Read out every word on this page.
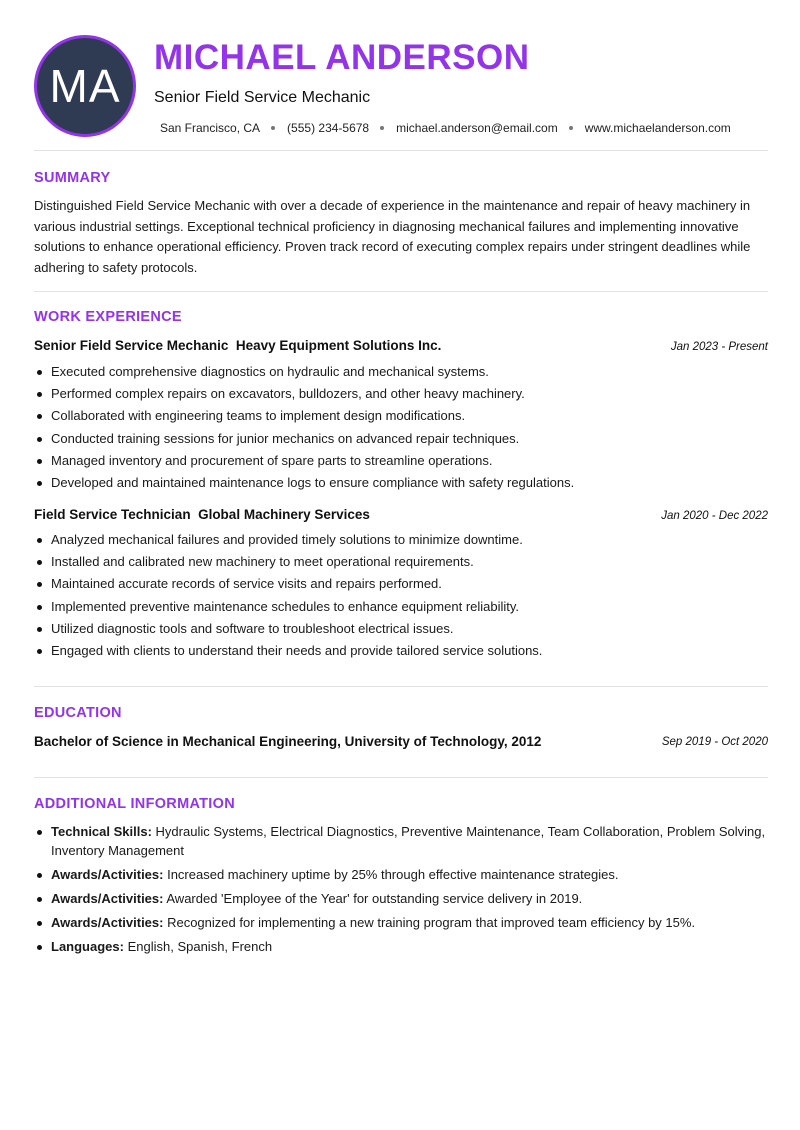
MA
MICHAEL ANDERSON
Senior Field Service Mechanic
San Francisco, CA (555) 234-5678 michael.anderson@email.com www.michaelanderson.com
SUMMARY
Distinguished Field Service Mechanic with over a decade of experience in the maintenance and repair of heavy machinery in various industrial settings. Exceptional technical proficiency in diagnosing mechanical failures and implementing innovative solutions to enhance operational efficiency. Proven track record of executing complex repairs under stringent deadlines while adhering to safety protocols.
WORK EXPERIENCE
Senior Field Service Mechanic  Heavy Equipment Solutions Inc.	Jan 2023 - Present
Executed comprehensive diagnostics on hydraulic and mechanical systems.
Performed complex repairs on excavators, bulldozers, and other heavy machinery.
Collaborated with engineering teams to implement design modifications.
Conducted training sessions for junior mechanics on advanced repair techniques.
Managed inventory and procurement of spare parts to streamline operations.
Developed and maintained maintenance logs to ensure compliance with safety regulations.
Field Service Technician  Global Machinery Services	Jan 2020 - Dec 2022
Analyzed mechanical failures and provided timely solutions to minimize downtime.
Installed and calibrated new machinery to meet operational requirements.
Maintained accurate records of service visits and repairs performed.
Implemented preventive maintenance schedules to enhance equipment reliability.
Utilized diagnostic tools and software to troubleshoot electrical issues.
Engaged with clients to understand their needs and provide tailored service solutions.
EDUCATION
Bachelor of Science in Mechanical Engineering, University of Technology, 2012	Sep 2019 - Oct 2020
ADDITIONAL INFORMATION
Technical Skills: Hydraulic Systems, Electrical Diagnostics, Preventive Maintenance, Team Collaboration, Problem Solving, Inventory Management
Awards/Activities: Increased machinery uptime by 25% through effective maintenance strategies.
Awards/Activities: Awarded 'Employee of the Year' for outstanding service delivery in 2019.
Awards/Activities: Recognized for implementing a new training program that improved team efficiency by 15%.
Languages: English, Spanish, French
